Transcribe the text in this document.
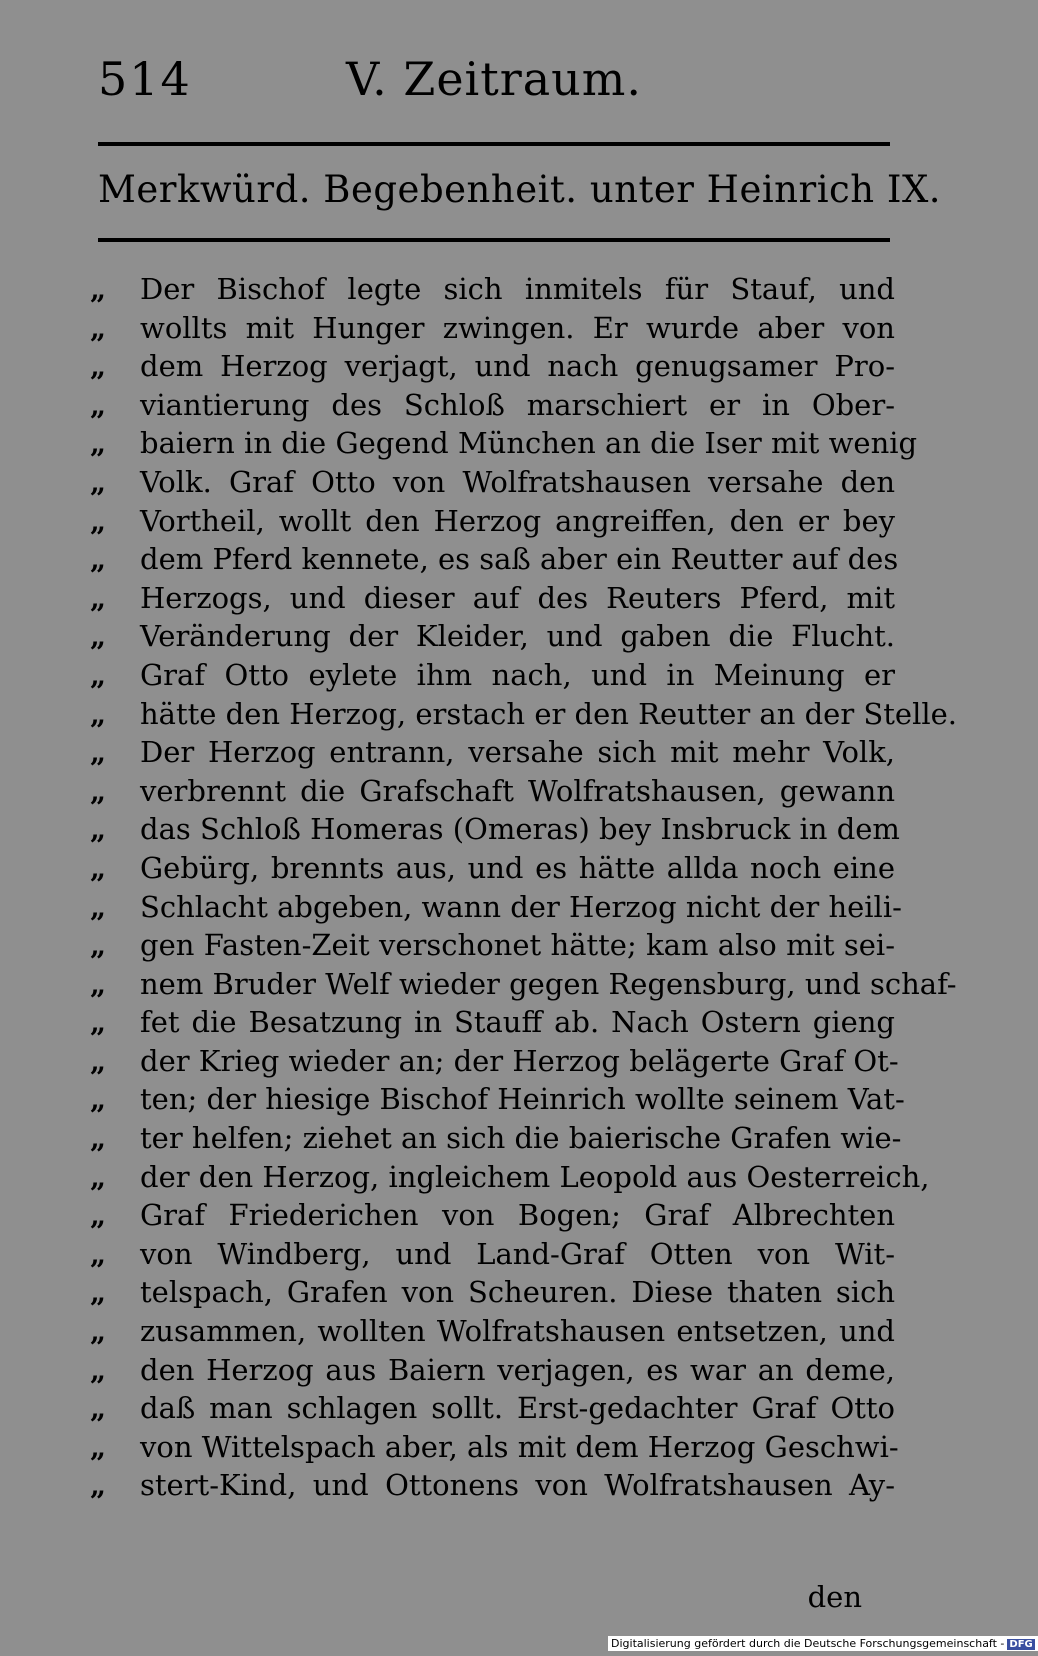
514	V. Zeitraum.
Merkwürd. Begebenheit. unter Heinrich IX.
„	Der Bischof legte sich inmitels für Stauf, und
„	wollts mit Hunger zwingen. Er wurde aber von
„	dem Herzog verjagt, und nach genugsamer Pro-
„	viantierung des Schloß marschiert er in Ober-
„	baiern in die Gegend München an die Iser mit wenig
„	Volk. Graf Otto von Wolfratshausen versahe den
„	Vortheil, wollt den Herzog angreiffen, den er bey
„	dem Pferd kennete, es saß aber ein Reutter auf des
„	Herzogs, und dieser auf des Reuters Pferd, mit
„	Veränderung der Kleider, und gaben die Flucht.
„	Graf Otto eylete ihm nach, und in Meinung er
„	hätte den Herzog, erstach er den Reutter an der Stelle.
„	Der Herzog entrann, versahe sich mit mehr Volk,
„	verbrennt die Grafschaft Wolfratshausen, gewann
„	das Schloß Homeras (Omeras) bey Insbruck in dem
„	Gebürg, brennts aus, und es hätte allda noch eine
„	Schlacht abgeben, wann der Herzog nicht der heili-
„	gen Fasten-Zeit verschonet hätte; kam also mit sei-
„	nem Bruder Welf wieder gegen Regensburg, und schaf-
„	fet die Besatzung in Stauff ab. Nach Ostern gieng
„	der Krieg wieder an; der Herzog belägerte Graf Ot-
„	ten; der hiesige Bischof Heinrich wollte seinem Vat-
„	ter helfen; ziehet an sich die baierische Grafen wie-
„	der den Herzog, ingleichem Leopold aus Oesterreich,
„	Graf Friederichen von Bogen; Graf Albrechten
„	von Windberg, und Land-Graf Otten von Wit-
„	telspach, Grafen von Scheuren. Diese thaten sich
„	zusammen, wollten Wolfratshausen entsetzen, und
„	den Herzog aus Baiern verjagen, es war an deme,
„	daß man schlagen sollt. Erst-gedachter Graf Otto
„	von Wittelspach aber, als mit dem Herzog Geschwi-
„	stert-Kind, und Ottonens von Wolfratshausen Ay-
den
Digitalisierung gefördert durch die Deutsche Forschungsgemeinschaft - DFG
